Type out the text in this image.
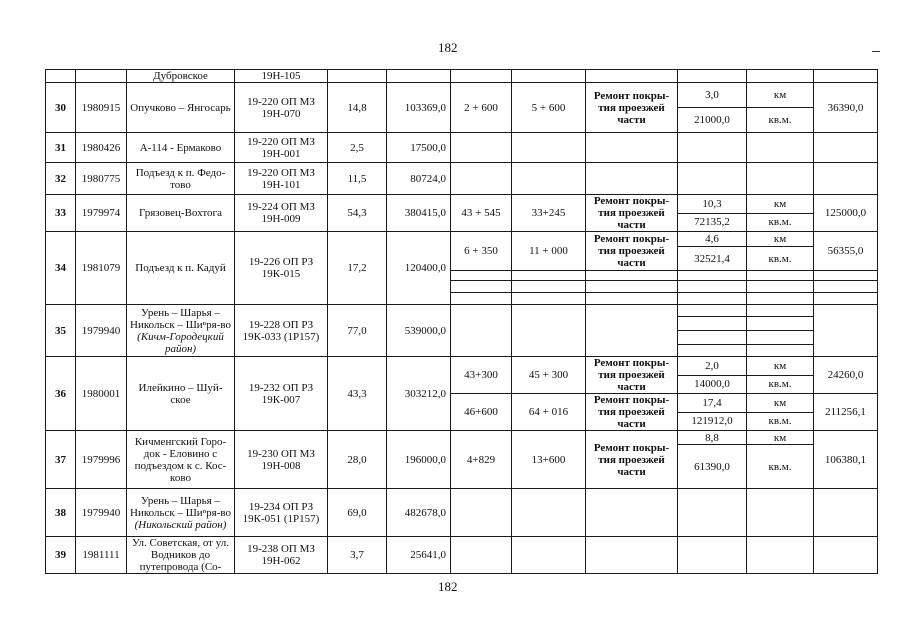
182
		Дубровское	19Н-105								
30	1980915	Опучково – Янгосарь	19-220 ОП МЗ 19Н-070	14,8	103369,0	2 + 600	5 + 600	Ремонт покры-тия проезжей части	3,0	км	36390,0
									21000,0	кв.м.	
31	1980426	А-114 - Ермаково	19-220 ОП МЗ 19Н-001	2,5	17500,0						
32	1980775	Подъезд к п. Федо-тово	19-220 ОП МЗ 19Н-101	11,5	80724,0						
33	1979974	Грязовец-Вохтога	19-224 ОП МЗ 19Н-009	54,3	380415,0	43 + 545	33+245	Ремонт покры-тия проезжей части	10,3	км	125000,0
									72135,2	кв.м.	
34	1981079	Подъезд к п. Кадуй	19-226 ОП РЗ 19К-015	17,2	120400,0	6 + 350	11 + 000	Ремонт покры-тия проезжей части	4,6	км	56355,0
									32521,4	кв.м.	

35	1979940	Урень – Шарья – Никольск – Шиⁿря-во (Кичм-Городецкий район)	19-228 ОП РЗ 19К-033 (1Р157)	77,0	539000,0						

36	1980001	Илейкино – Шуй-ское	19-232 ОП РЗ 19К-007	43,3	303212,0	43+300	45 + 300	Ремонт покры-тия проезжей части	2,0	км	24260,0
									14000,0	кв.м.	
						46+600	64 + 016	Ремонт покры-тия проезжей части	17,4	км	211256,1
									121912,0	кв.м.	
37	1979996	Кичменгский Горо-док - Еловино с подъездом к с. Кос-ково	19-230 ОП МЗ 19Н-008	28,0	196000,0	4+829	13+600	Ремонт покры-тия проезжей части	8,8	км	106380,1
									61390,0	кв.м.	
38	1979940	Урень – Шарья – Никольск – Шиⁿря-во (Никольский район)	19-234 ОП РЗ 19К-051 (1Р157)	69,0	482678,0						
39	1981111	Ул. Советская, от ул. Водников до путепровода (Со-	19-238 ОП МЗ 19Н-062	3,7	25641,0						
182
